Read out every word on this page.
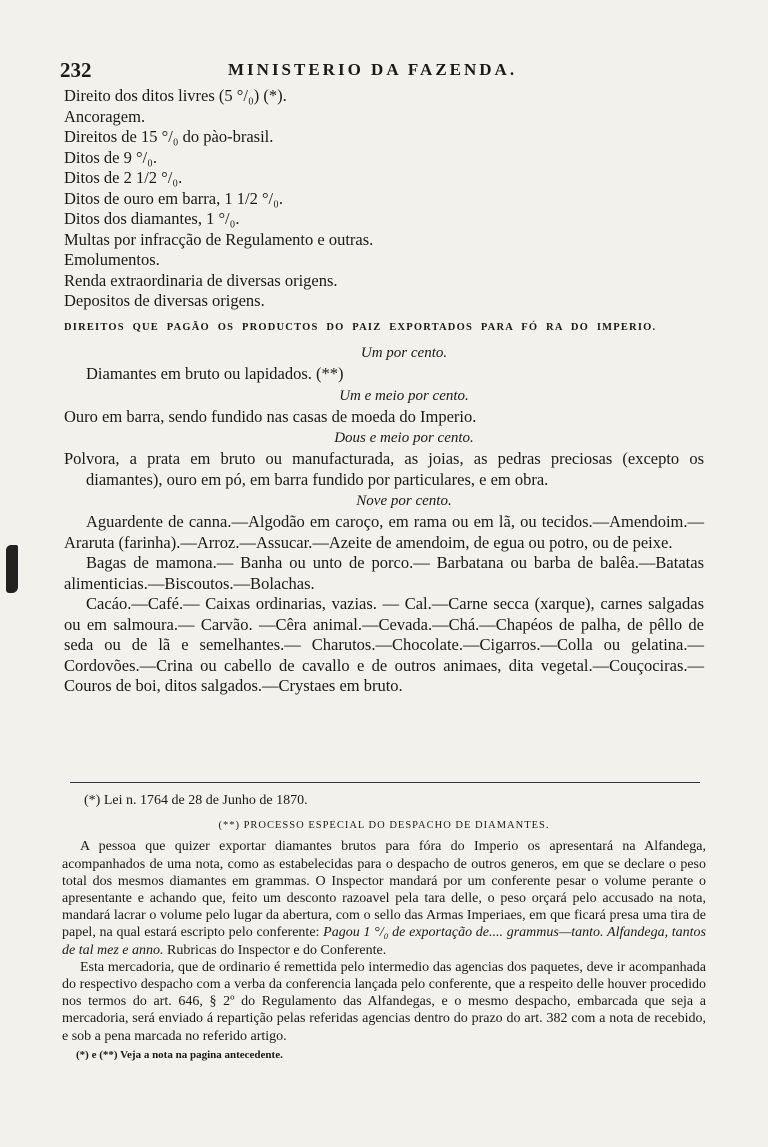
232	MINISTERIO DA FAZENDA.
Direito dos ditos livres (5 °/₀) (*).
Ancoragem.
Direitos de 15 °/₀ do pào-brasil.
Ditos de 9 °/₀.
Ditos de 2 1/2 °/₀.
Ditos de ouro em barra, 1 1/2 °/₀.
Ditos dos diamantes, 1 °/₀.
Multas por infracção de Regulamento e outras.
Emolumentos.
Renda extraordinaria de diversas origens.
Depositos de diversas origens.
DIREITOS QUE PAGÃO OS PRODUCTOS DO PAIZ EXPORTADOS PARA FÓ RA DO IMPERIO.
Um por cento.

Diamantes em bruto ou lapidados. (**)

Um e meio por cento.

Ouro em barra, sendo fundido nas casas de moeda do Imperio.

Dous e meio por cento.

Polvora, a prata em bruto ou manufacturada, as joias, as pedras preciosas (excepto os diamantes), ouro em pó, em barra fundido por particulares, e em obra.

Nove por cento.

Aguardente de canna.—Algodão em caroço, em rama ou em lã, ou tecidos.—Amendoim.—Araruta (farinha).—Arroz.—Assucar.—Azeite de amendoim, de egua ou potro, ou de peixe.

Bagas de mamona.— Banha ou unto de porco.— Barbatana ou barba de balêa.—Batatas alimenticias.—Biscoutos.—Bolachas.

Cacáo.—Café.— Caixas ordinarias, vazias. — Cal.—Carne secca (xarque), carnes salgadas ou em salmoura.— Carvão. —Cêra animal.—Cevada.—Chá.—Chapéos de palha, de pêllo de seda ou de lã e semelhantes.— Charutos.—Chocolate.—Cigarros.—Colla ou gelatina.—Cordovões.—Crina ou cabello de cavallo e de outros animaes, dita vegetal.—Couçociras.—Couros de boi, ditos salgados.—Crystaes em bruto.

(*) Lei n. 1764 de 28 de Junho de 1870.
(**) PROCESSO ESPECIAL DO DESPACHO DE DIAMANTES.

A pessoa que quizer exportar diamantes brutos para fóra do Imperio os apresentará na Alfandega, acompanhados de uma nota, como as estabelecidas para o despacho de outros generos, em que se declare o peso total dos mesmos diamantes em grammas. O Inspector mandará por um conferente pesar o volume perante o apresentante e achando que, feito um desconto razoavel pela tara delle, o peso orçará pelo accusado na nota, mandará lacrar o volume pelo lugar da abertura, com o sello das Armas Imperiaes, em que ficará presa uma tira de papel, na qual estará escripto pelo conferente: Pagou 1 °/₀ de exportação de.... grammus—tanto. Alfandega, tantos de tal mez e anno. Rubricas do Inspector e do Conferente.

Esta mercadoria, que de ordinario é remettida pelo intermedio das agencias dos paquetes, deve ir acompanhada do respectivo despacho com a verba da conferencia lançada pelo conferente, que a respeito delle houver procedido nos termos do art. 646, § 2º do Regulamento das Alfandegas, e o mesmo despacho, embarcada que seja a mercadoria, será enviado á repartição pelas referidas agencias dentro do prazo do art. 382 com a nota de recebido, e sob a pena marcada no referido artigo.

(*) e (**) Veja a nota na pagina antecedente.
